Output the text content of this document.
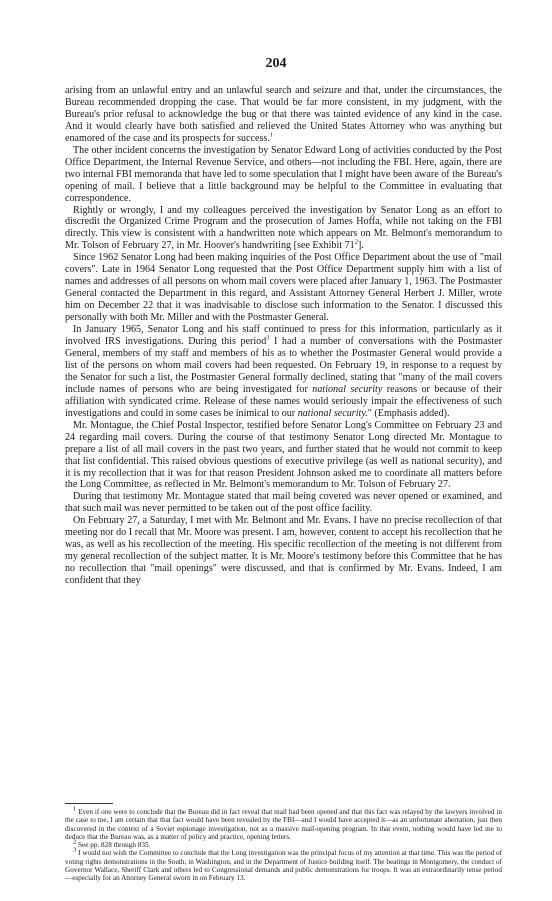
204

arising from an unlawful entry and an unlawful search and seizure and that, under the circumstances, the Bureau recommended dropping the case. That would be far more consistent, in my judgment, with the Bureau's prior refusal to acknowledge the bug or that there was tainted evidence of any kind in the case. And it would clearly have both satisfied and relieved the United States Attorney who was anything but enamored of the case and its prospects for success.$^1$

The other incident concerns the investigation by Senator Edward Long of activities conducted by the Post Office Department, the Internal Revenue Service, and others—not including the FBI. Here, again, there are two internal FBI memoranda that have led to some speculation that I might have been aware of the Bureau's opening of mail. I believe that a little background may be helpful to the Committee in evaluating that correspondence.

Rightly or wrongly, I and my colleagues perceived the investigation by Senator Long as an effort to discredit the Organized Crime Program and the prosecution of James Hoffa, while not taking on the FBI directly. This view is consistent with a handwritten note which appears on Mr. Belmont's memorandum to Mr. Tolson of February 27, in Mr. Hoover's handwriting [see Exhibit $71^2$].

Since 1962 Senator Long had been making inquiries of the Post Office Department about the use of "mail covers". Late in 1964 Senator Long requested that the Post Office Department supply him with a list of names and addresses of all persons on whom mail covers were placed after January 1, 1963. The Postmaster General contacted the Department in this regard, and Assistant Attorney General Herbert J. Miller, wrote him on December 22 that it was inadvisable to disclose such information to the Senator. I discussed this personally with both Mr. Miller and with the Postmaster General.

In January 1965, Senator Long and his staff continued to press for this information, particularly as it involved IRS investigations. During this period$^3$ I had a number of conversations with the Postmaster General, members of my staff and members of his as to whether the Postmaster General would provide a list of the persons on whom mail covers had been requested. On February 19, in response to a request by the Senator for such a list, the Postmaster General formally declined, stating that "many of the mail covers include names of persons who are being investigated for national security reasons or because of their affiliation with syndicated crime. Release of these names would seriously impair the effectiveness of such investigations and could in some cases be inimical to our national security." (Emphasis added).

Mr. Montague, the Chief Postal Inspector, testified before Senator Long's Committee on February 23 and 24 regarding mail covers. During the course of that testimony Senator Long directed Mr. Montague to prepare a list of all mail covers in the past two years, and further stated that he would not commit to keep that list confidential. This raised obvious questions of executive privilege (as well as national security), and it is my recollection that it was for that reason President Johnson asked me to coordinate all matters before the Long Committee, as reflected in Mr. Belmont's memorandum to Mr. Tolson of February 27.

During that testimony Mr. Montague stated that mail being covered was never opened or examined, and that such mail was never permitted to be taken out of the post office facility.

On February 27, a Saturday, I met with Mr. Belmont and Mr. Evans. I have no precise recollection of that meeting nor do I recall that Mr. Moore was present. I am, however, content to accept his recollection that he was, as well as his recollection of the meeting. His specific recollection of the meeting is not different from my general recollection of the subject matter. It is Mr. Moore's testimony before this Committee that he has no recollection that "mail openings" were discussed, and that is confirmed by Mr. Evans. Indeed, I am confident that they

1 Even if one were to conclude that the Bureau did in fact reveal that mail had been opened and that this fact was relayed by the lawyers involved in the case to me, I am certain that that fact would have been revealed by the FBI—and I would have accepted it—as an unfortunate aberration, just then discovered in the context of a Soviet espionage investigation, not as a massive mail-opening program. In that event, nothing would have led me to deduce that the Bureau was, as a matter of policy and practice, opening letters.

2 See pp. 828 through 835.

3 I would not wish the Committee to conclude that the Long investigation was the principal focus of my attention at that time. This was the period of voting rights demonstrations in the South, in Washington, and in the Department of Justice building itself. The beatings in Montgomery, the conduct of Governor Wallace, Sheriff Clark and others led to Congressional demands and public demonstrations for troops. It was an extraordinarily tense period—especially for an Attorney General sworn in on February 13.
